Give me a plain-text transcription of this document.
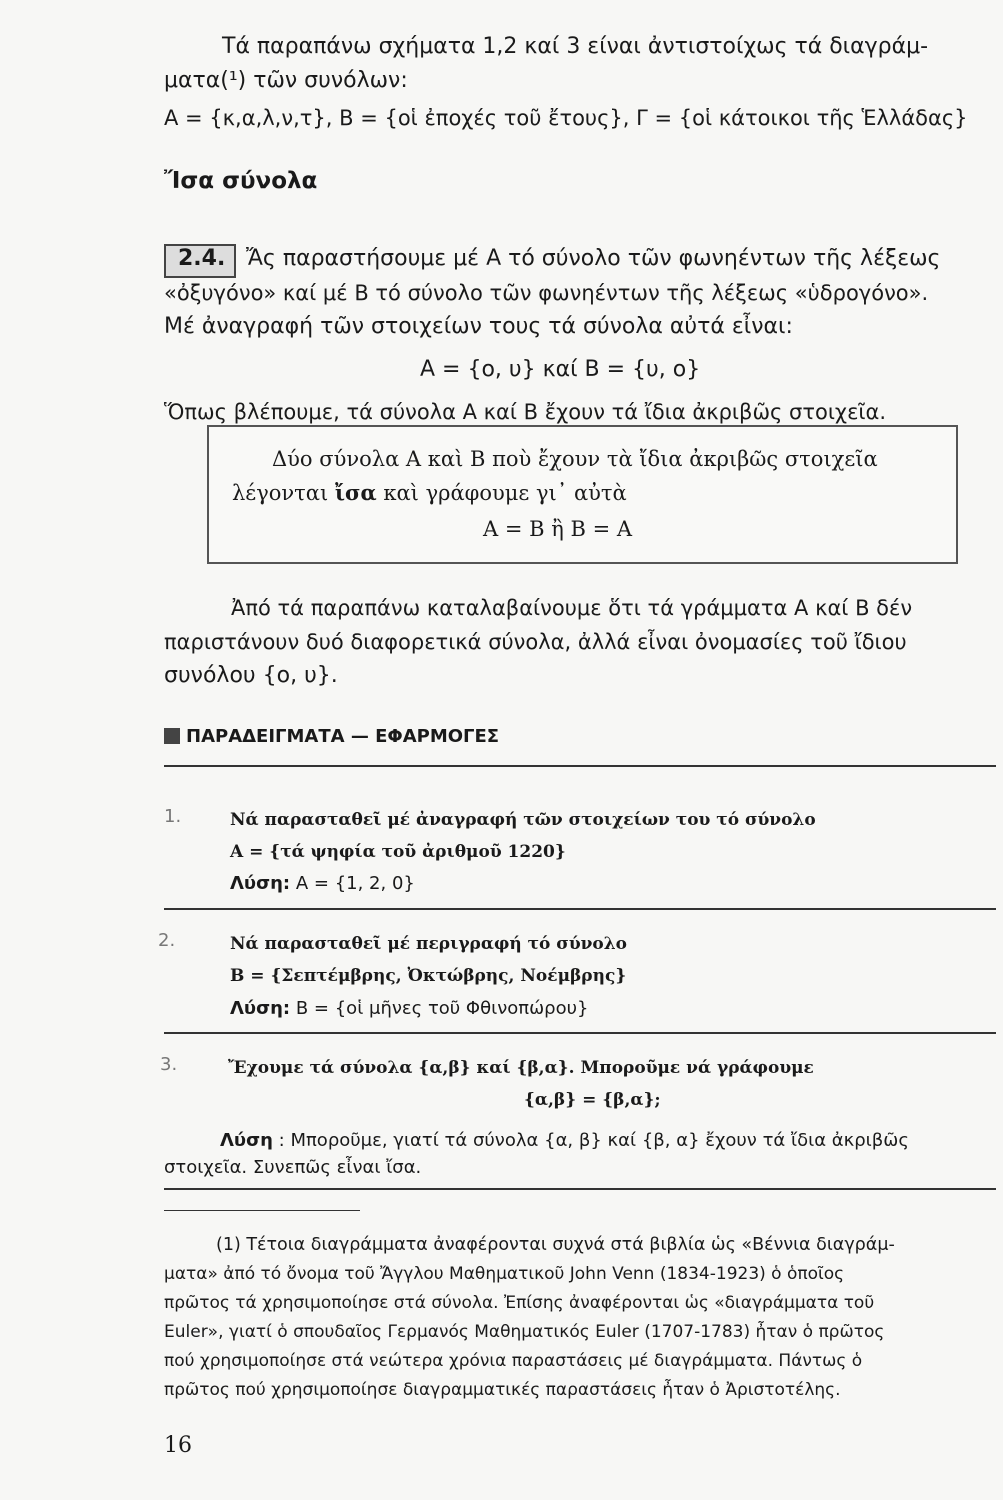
Τά παραπάνω σχήματα 1,2 καί 3 είναι ἀντιστοίχως τά διαγράμ-
ματα(¹) τῶν συνόλων:
Α = {κ,α,λ,ν,τ}, Β = {οἱ ἐποχές τοῦ ἔτους}, Γ = {οἱ κάτοικοι τῆς Ἑλλάδας}
Ἴσα σύνολα
2.4. Ἄς παραστήσουμε μέ Α τό σύνολο τῶν φωνηέντων τῆς λέξεως
«ὀξυγόνο» καί μέ Β τό σύνολο τῶν φωνηέντων τῆς λέξεως «ὑδρογόνο».
Μέ ἀναγραφή τῶν στοιχείων τους τά σύνολα αὐτά εἶναι:
Α = {ο, υ} καί Β = {υ, ο}
Ὅπως βλέπουμε, τά σύνολα Α καί Β ἔχουν τά ἴδια ἀκριβῶς στοιχεῖα.
Δύο σύνολα Α καὶ Β ποὺ ἔχουν τὰ ἴδια ἀκριβῶς στοιχεῖα
λέγονται ἴσα καὶ γράφουμε γι᾿ αὐτὰ
Α = Β ἢ Β = Α
Ἀπό τά παραπάνω καταλαβαίνουμε ὅτι τά γράμματα Α καί Β δέν
παριστάνουν δυό διαφορετικά σύνολα, ἀλλά εἶναι ὀνομασίες τοῦ ἴδιου
συνόλου {ο, υ}.
ΠΑΡΑΔΕΙΓΜΑΤΑ — ΕΦΑΡΜΟΓΕΣ
1.	Νά παρασταθεῖ μέ ἀναγραφή τῶν στοιχείων του τό σύνολο
Α = {τά ψηφία τοῦ ἀριθμοῦ 1220}
Λύση: Α = {1, 2, 0}
2.	Νά παρασταθεῖ μέ περιγραφή τό σύνολο
Β = {Σεπτέμβρης, Ὀκτώβρης, Νοέμβρης}
Λύση: Β = {οἱ μῆνες τοῦ Φθινοπώρου}
3.	Ἔχουμε τά σύνολα {α,β} καί {β,α}. Μποροῦμε νά γράφουμε
{α,β} = {β,α};
Λύση : Μποροῦμε, γιατί τά σύνολα {α, β} καί {β, α} ἔχουν τά ἴδια ἀκριβῶς
στοιχεῖα. Συνεπῶς εἶναι ἴσα.
(1) Τέτοια διαγράμματα ἀναφέρονται συχνά στά βιβλία ὡς «Βέννια διαγράμ-
ματα» ἀπό τό ὄνομα τοῦ Ἄγγλου Μαθηματικοῦ John Venn (1834-1923) ὁ ὁποῖος
πρῶτος τά χρησιμοποίησε στά σύνολα. Ἐπίσης ἀναφέρονται ὡς «διαγράμματα τοῦ
Euler», γιατί ὁ σπουδαῖος Γερμανός Μαθηματικός Euler (1707-1783) ἦταν ὁ πρῶτος
πού χρησιμοποίησε στά νεώτερα χρόνια παραστάσεις μέ διαγράμματα. Πάντως ὁ
πρῶτος πού χρησιμοποίησε διαγραμματικές παραστάσεις ἦταν ὁ Ἀριστοτέλης.
16
